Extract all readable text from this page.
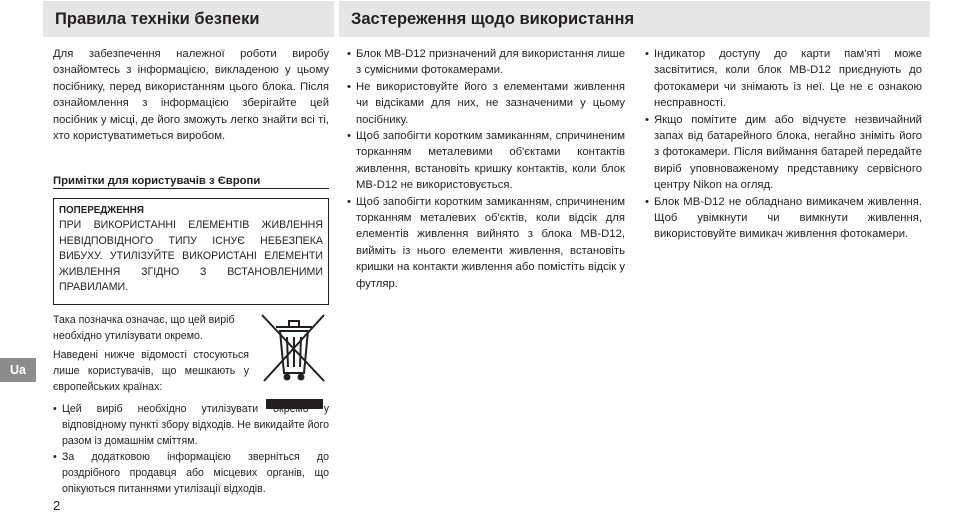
Правила техніки безпеки	Застереження щодо використання
Для забезпечення належної роботи виробу ознайомтесь з інформацією, викладеною у цьому посібнику, перед використанням цього блока. Після ознайомлення з інформацією зберігайте цей посібник у місці, де його зможуть легко знайти всі ті, хто користуватиметься виробом.
Примітки для користувачів з Європи
ПОПЕРЕДЖЕННЯ
ПРИ ВИКОРИСТАННІ ЕЛЕМЕНТІВ ЖИВЛЕННЯ НЕВІДПОВІДНОГО ТИПУ ІСНУЄ НЕБЕЗПЕКА ВИБУХУ. УТИЛІЗУЙТЕ ВИКОРИСТАНІ ЕЛЕМЕНТИ ЖИВЛЕННЯ ЗГІДНО З ВСТАНОВЛЕНИМИ ПРАВИЛАМИ.
Така позначка означає, що цей виріб необхідно утилізувати окремо.
Наведені нижче відомості стосуються лише користувачів, що мешкають у європейських країнах:
• Цей виріб необхідно утилізувати окремо у відповідному пункті збору відходів. Не викидайте його разом із домашнім сміттям.
• За додатковою інформацією зверніться до роздрібного продавця або місцевих органів, що опікуються питаннями утилізації відходів.
Ua
2
• Блок MB-D12 призначений для використання лише з сумісними фотокамерами.
• Не використовуйте його з елементами живлення чи відсіками для них, не зазначеними у цьому посібнику.
• Щоб запобігти коротким замиканням, спричиненим торканням металевими об'єктами контактів живлення, встановіть кришку контактів, коли блок MB-D12 не використовується.
• Щоб запобігти коротким замиканням, спричиненим торканням металевих об'єктів, коли відсік для елементів живлення вийнято з блока MB-D12, вийміть із нього елементи живлення, встановіть кришки на контакти живлення або помістіть відсік у футляр.
• Індикатор доступу до карти пам'яті може засвітитися, коли блок MB-D12 приєднують до фотокамери чи знімають із неї. Це не є ознакою несправності.
• Якщо помітите дим або відчуєте незвичайний запах від батарейного блока, негайно зніміть його з фотокамери. Після виймання батарей передайте виріб уповноваженому представнику сервісного центру Nikon на огляд.
• Блок MB-D12 не обладнано вимикачем живлення. Щоб увімкнути чи вимкнути живлення, використовуйте вимикач живлення фотокамери.
